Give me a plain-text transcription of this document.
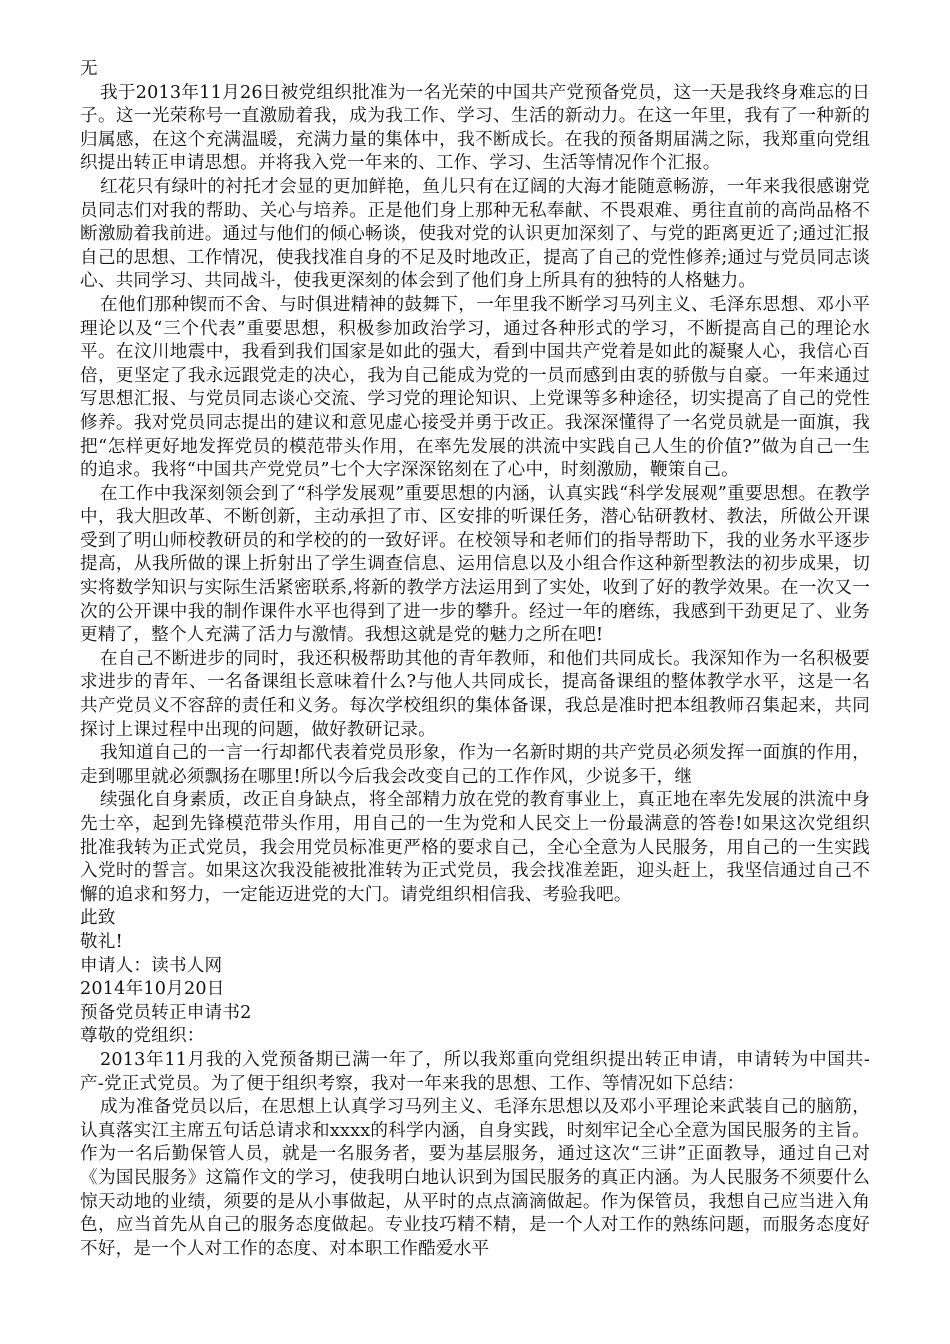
无

我于2013年11月26日被党组织批准为一名光荣的中国共产党预备党员，这一天是我终身难忘的日子。这一光荣称号一直激励着我，成为我工作、学习、生活的新动力。在这一年里，我有了一种新的归属感，在这个充满温暖，充满力量的集体中，我不断成长。在我的预备期届满之际，我郑重向党组织提出转正申请思想。并将我入党一年来的、工作、学习、生活等情况作个汇报。

红花只有绿叶的衬托才会显的更加鲜艳，鱼儿只有在辽阔的大海才能随意畅游，一年来我很感谢党员同志们对我的帮助、关心与培养。正是他们身上那种无私奉献、不畏艰难、勇往直前的高尚品格不断激励着我前进。通过与他们的倾心畅谈，使我对党的认识更加深刻了、与党的距离更近了;通过汇报自己的思想、工作情况，使我找准自身的不足及时地改正，提高了自己的党性修养;通过与党员同志谈心、共同学习、共同战斗，使我更深刻的体会到了他们身上所具有的独特的人格魅力。

在他们那种锲而不舍、与时俱进精神的鼓舞下，一年里我不断学习马列主义、毛泽东思想、邓小平理论以及“三个代表”重要思想，积极参加政治学习，通过各种形式的学习，不断提高自己的理论水平。在汶川地震中，我看到我们国家是如此的强大，看到中国共产党着是如此的凝聚人心，我信心百倍，更坚定了我永远跟党走的决心，我为自己能成为党的一员而感到由衷的骄傲与自豪。一年来通过写思想汇报、与党员同志谈心交流、学习党的理论知识、上党课等多种途径，切实提高了自己的党性修养。我对党员同志提出的建议和意见虚心接受并勇于改正。我深深懂得了一名党员就是一面旗，我把“怎样更好地发挥党员的模范带头作用，在率先发展的洪流中实践自己人生的价值?”做为自己一生的追求。我将“中国共产党党员”七个大字深深铭刻在了心中，时刻激励，鞭策自己。

在工作中我深刻领会到了“科学发展观”重要思想的内涵，认真实践“科学发展观”重要思想。在教学中，我大胆改革、不断创新，主动承担了市、区安排的听课任务，潜心钻研教材、教法，所做公开课受到了明山师校教研员的和学校的的一致好评。在校领导和老师们的指导帮助下，我的业务水平逐步提高，从我所做的课上折射出了学生调查信息、运用信息以及小组合作这种新型教法的初步成果，切实将数学知识与实际生活紧密联系,将新的教学方法运用到了实处，收到了好的教学效果。在一次又一次的公开课中我的制作课件水平也得到了进一步的攀升。经过一年的磨练，我感到干劲更足了、业务更精了，整个人充满了活力与激情。我想这就是党的魅力之所在吧!

在自己不断进步的同时，我还积极帮助其他的青年教师，和他们共同成长。我深知作为一名积极要求进步的青年、一名备课组长意味着什么?与他人共同成长，提高备课组的整体教学水平，这是一名共产党员义不容辞的责任和义务。每次学校组织的集体备课，我总是准时把本组教师召集起来，共同探讨上课过程中出现的问题，做好教研记录。

我知道自己的一言一行却都代表着党员形象，作为一名新时期的共产党员必须发挥一面旗的作用，走到哪里就必须飘扬在哪里!所以今后我会改变自己的工作作风，少说多干，继

续强化自身素质，改正自身缺点，将全部精力放在党的教育事业上，真正地在率先发展的洪流中身先士卒，起到先锋模范带头作用，用自己的一生为党和人民交上一份最满意的答卷!如果这次党组织批准我转为正式党员，我会用党员标准更严格的要求自己，全心全意为人民服务，用自己的一生实践入党时的誓言。如果这次我没能被批准转为正式党员，我会找准差距，迎头赶上，我坚信通过自己不懈的追求和努力，一定能迈进党的大门。请党组织相信我、考验我吧。

此致

敬礼!

申请人：读书人网

2014年10月20日

预备党员转正申请书2

尊敬的党组织：

2013年11月我的入党预备期已满一年了，所以我郑重向党组织提出转正申请，申请转为中国共-产-党正式党员。为了便于组织考察，我对一年来我的思想、工作、等情况如下总结：

成为准备党员以后，在思想上认真学习马列主义、毛泽东思想以及邓小平理论来武装自己的脑筋，认真落实江主席五句话总请求和xxxx的科学内涵，自身实践，时刻牢记全心全意为国民服务的主旨。作为一名后勤保管人员，就是一名服务者，要为基层服务，通过这次“三讲”正面教导，通过自己对《为国民服务》这篇作文的学习，使我明白地认识到为国民服务的真正内涵。为人民服务不须要什么惊天动地的业绩，须要的是从小事做起，从平时的点点滴滴做起。作为保管员，我想自己应当进入角色，应当首先从自己的服务态度做起。专业技巧精不精，是一个人对工作的熟练问题，而服务态度好不好，是一个人对工作的态度、对本职工作酷爱水平
